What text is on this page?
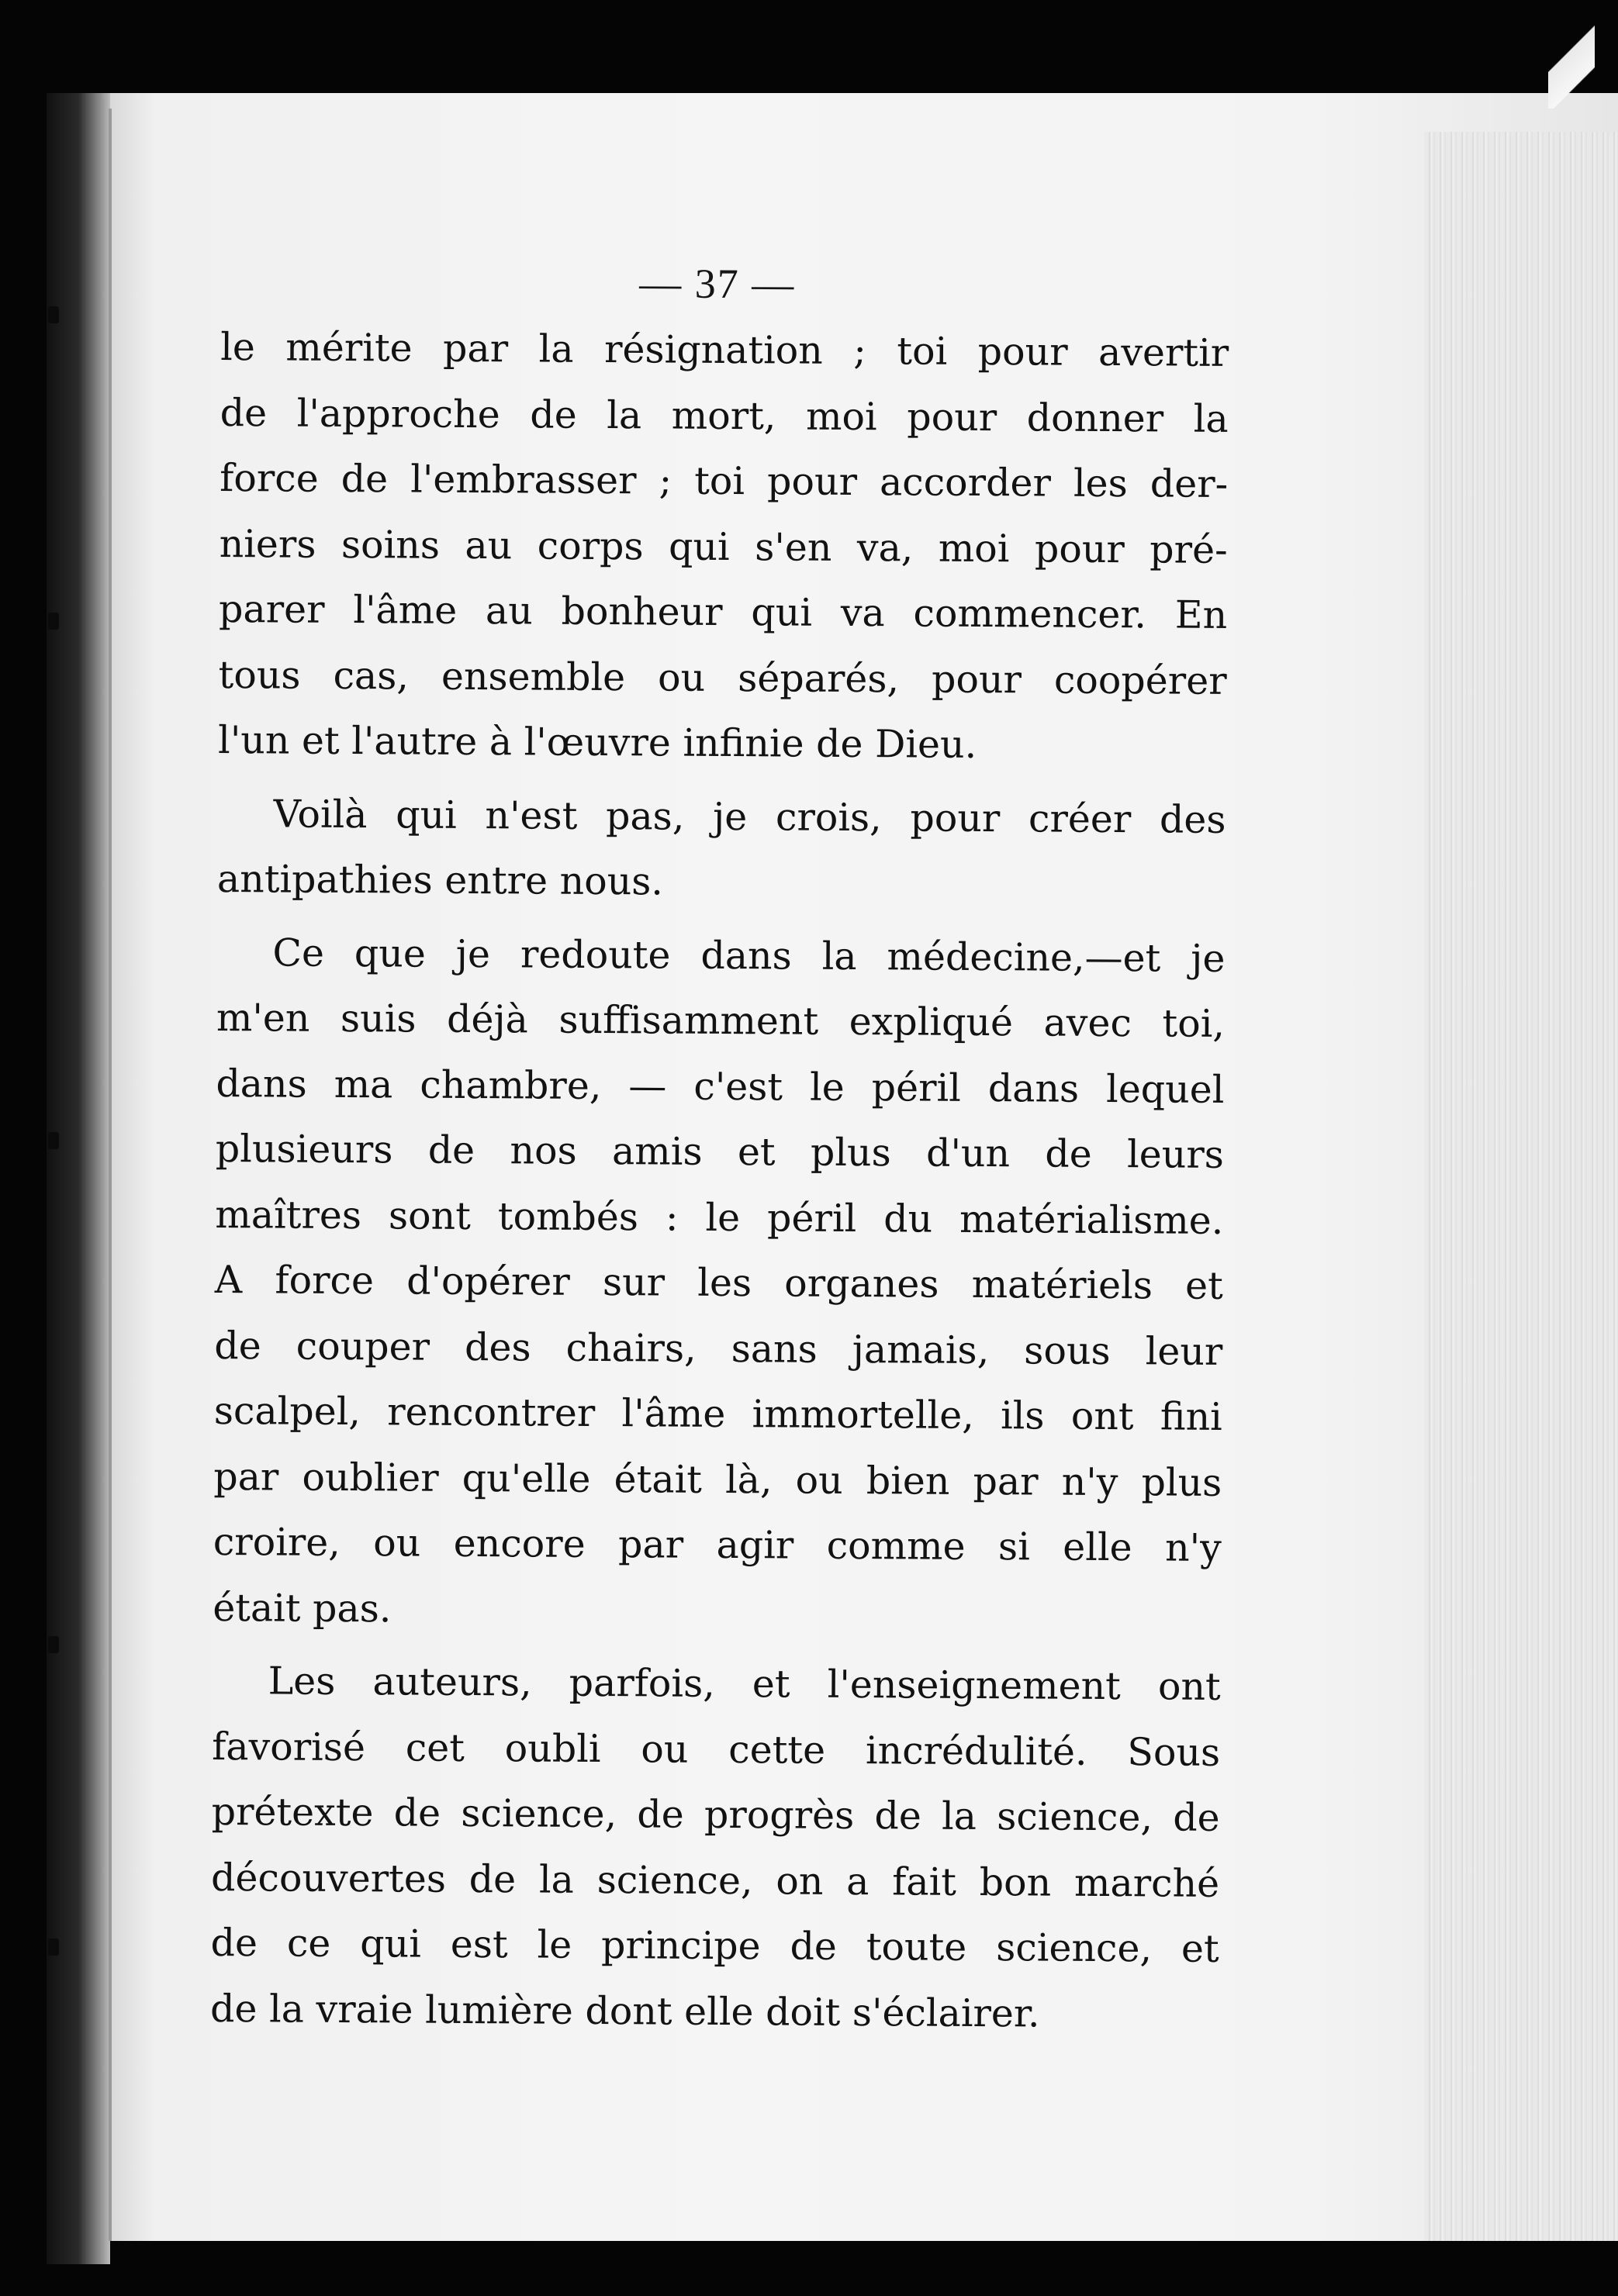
— 37 —
le mérite par la résignation ; toi pour avertir
de l'approche de la mort, moi pour donner la
force de l'embrasser ; toi pour accorder les der-
niers soins au corps qui s'en va, moi pour pré-
parer l'âme au bonheur qui va commencer. En
tous cas, ensemble ou séparés, pour coopérer
l'un et l'autre à l'œuvre infinie de Dieu.
Voilà qui n'est pas, je crois, pour créer des
antipathies entre nous.
Ce que je redoute dans la médecine,—et je
m'en suis déjà suffisamment expliqué avec toi,
dans ma chambre, — c'est le péril dans lequel
plusieurs de nos amis et plus d'un de leurs
maîtres sont tombés : le péril du matérialisme.
A force d'opérer sur les organes matériels et
de couper des chairs, sans jamais, sous leur
scalpel, rencontrer l'âme immortelle, ils ont fini
par oublier qu'elle était là, ou bien par n'y plus
croire, ou encore par agir comme si elle n'y
était pas.
Les auteurs, parfois, et l'enseignement ont
favorisé cet oubli ou cette incrédulité. Sous
prétexte de science, de progrès de la science, de
découvertes de la science, on a fait bon marché
de ce qui est le principe de toute science, et
de la vraie lumière dont elle doit s'éclairer.
